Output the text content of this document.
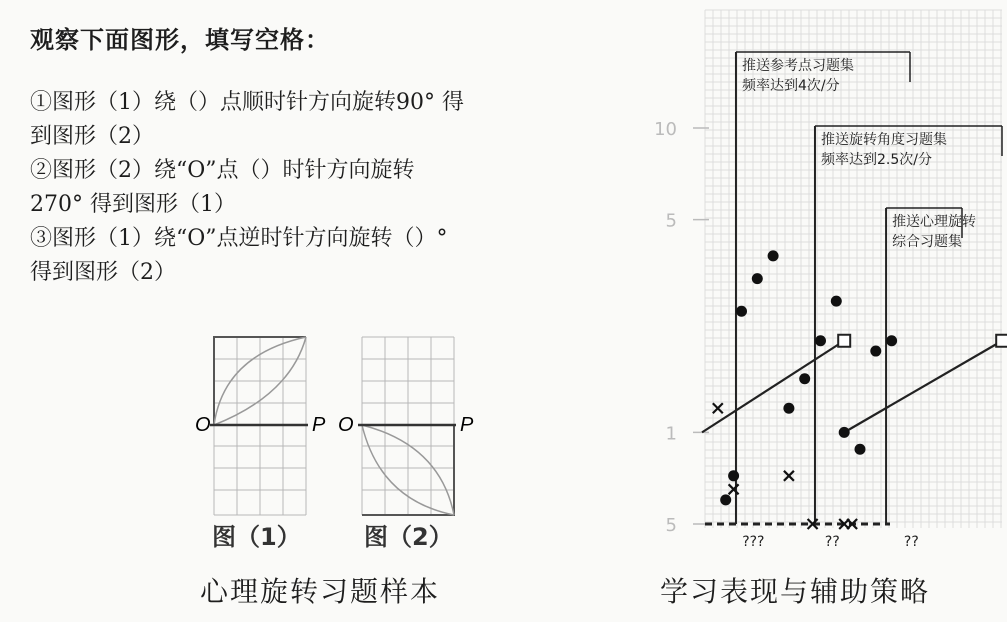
观察下面图形，填写空格：
①图形（1）绕（）点顺时针方向旋转90° 得
到图形（2）
②图形（2）绕“O”点（）时针方向旋转
270° 得到图形（1）
③图形（1）绕“O”点逆时针方向旋转（）°
得到图形（2）
O	P
图（1）
O	P
图（2）
心理旋转习题样本
10
5
1
5
推送参考点习题集
频率达到4次/分
推送旋转角度习题集
频率达到2.5次/分
推送心理旋转
综合习题集
???	??	??
学习表现与辅助策略
